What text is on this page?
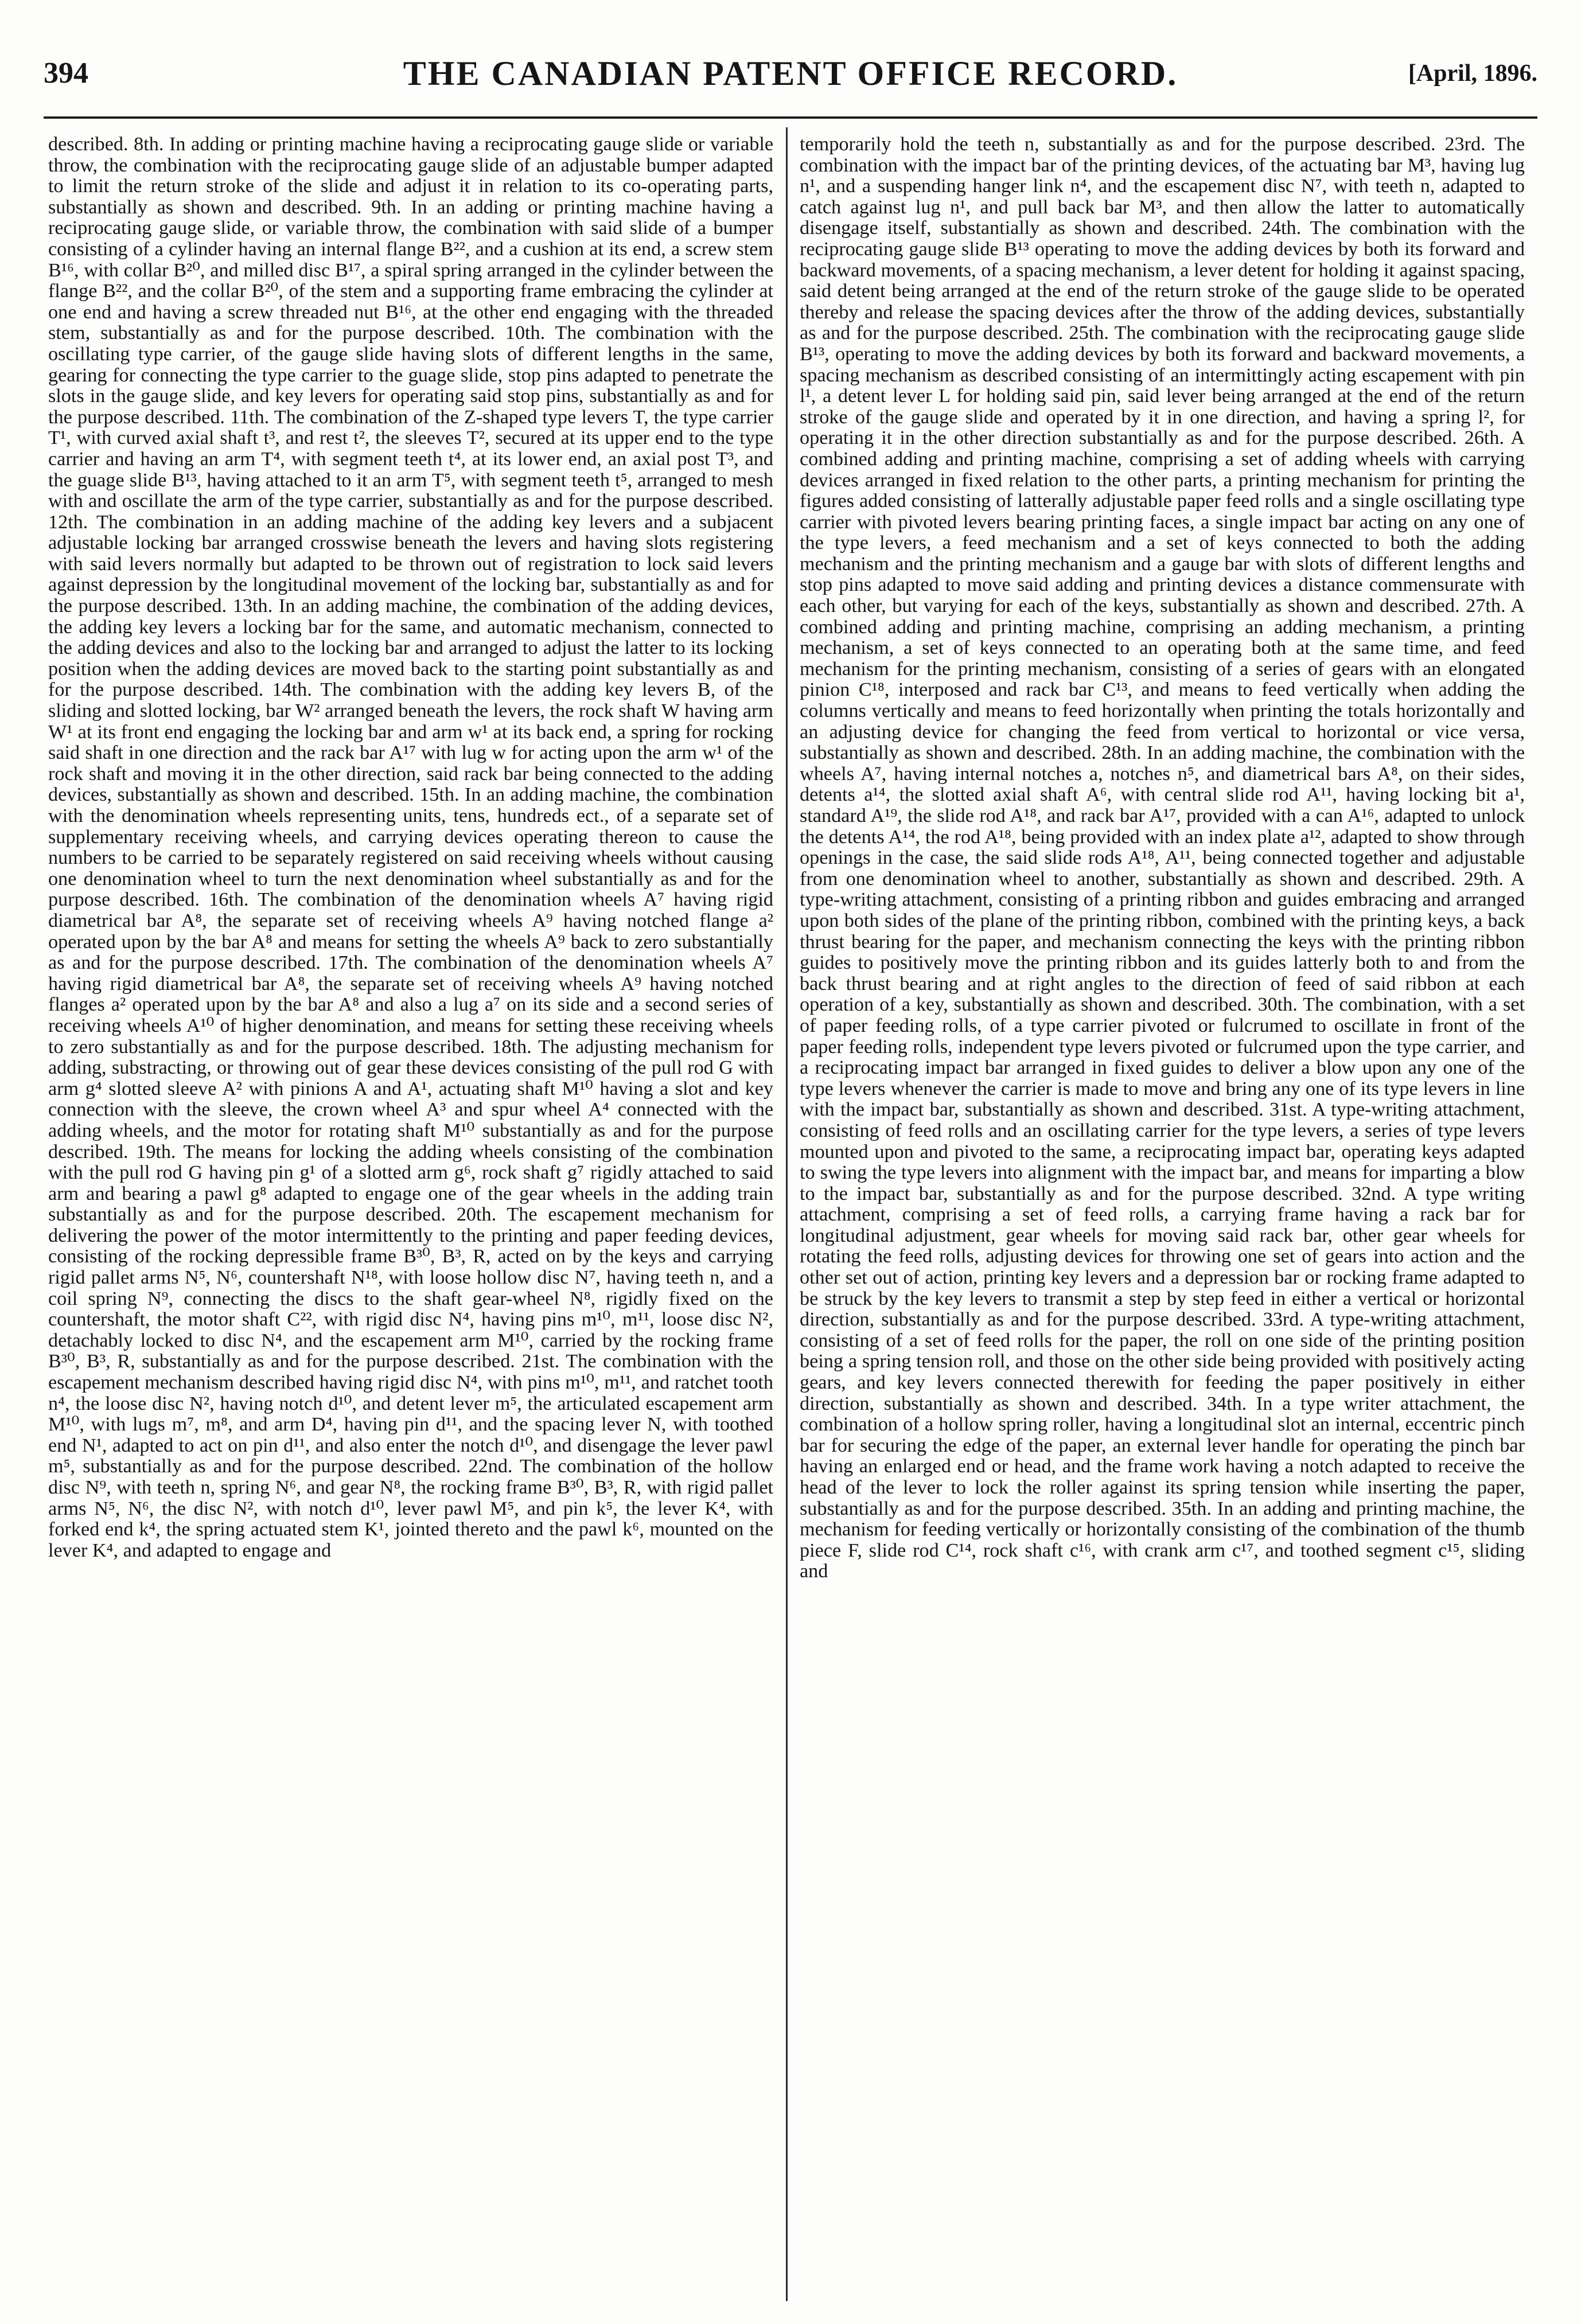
394	THE CANADIAN PATENT OFFICE RECORD.	[April, 1896.

described. 8th. In adding or printing machine having a reciprocating gauge slide or variable throw, the combination with the reciprocating gauge slide of an adjustable bumper adapted to limit the return stroke of the slide and adjust it in relation to its co-operating parts, substantially as shown and described. 9th. In an adding or printing machine having a reciprocating gauge slide, or variable throw, the combination with said slide of a bumper consisting of a cylinder having an internal flange B²², and a cushion at its end, a screw stem B¹⁶, with collar B²⁰, and milled disc B¹⁷, a spiral spring arranged in the cylinder between the flange B²², and the collar B²⁰, of the stem and a supporting frame embracing the cylinder at one end and having a screw threaded nut B¹⁶, at the other end engaging with the threaded stem, substantially as and for the purpose described. 10th. The combination with the oscillating type carrier, of the gauge slide having slots of different lengths in the same, gearing for connecting the type carrier to the guage slide, stop pins adapted to penetrate the slots in the gauge slide, and key levers for operating said stop pins, substantially as and for the purpose described. 11th. The combination of the Z-shaped type levers T, the type carrier T¹, with curved axial shaft t³, and rest t², the sleeves T², secured at its upper end to the type carrier and having an arm T⁴, with segment teeth t⁴, at its lower end, an axial post T³, and the guage slide B¹³, having attached to it an arm T⁵, with segment teeth t⁵, arranged to mesh with and oscillate the arm of the type carrier, substantially as and for the purpose described. 12th. The combination in an adding machine of the adding key levers and a subjacent adjustable locking bar arranged crosswise beneath the levers and having slots registering with said levers normally but adapted to be thrown out of registration to lock said levers against depression by the longitudinal movement of the locking bar, substantially as and for the purpose described. 13th. In an adding machine, the combination of the adding devices, the adding key levers a locking bar for the same, and automatic mechanism, connected to the adding devices and also to the locking bar and arranged to adjust the latter to its locking position when the adding devices are moved back to the starting point substantially as and for the purpose described. 14th. The combination with the adding key levers B, of the sliding and slotted locking, bar W² arranged beneath the levers, the rock shaft W having arm W¹ at its front end engaging the locking bar and arm w¹ at its back end, a spring for rocking said shaft in one direction and the rack bar A¹⁷ with lug w for acting upon the arm w¹ of the rock shaft and moving it in the other direction, said rack bar being connected to the adding devices, substantially as shown and described. 15th. In an adding machine, the combination with the denomination wheels representing units, tens, hundreds ect., of a separate set of supplementary receiving wheels, and carrying devices operating thereon to cause the numbers to be carried to be separately registered on said receiving wheels without causing one denomination wheel to turn the next denomination wheel substantially as and for the purpose described. 16th. The combination of the denomination wheels A⁷ having rigid diametrical bar A⁸, the separate set of receiving wheels A⁹ having notched flange a² operated upon by the bar A⁸ and means for setting the wheels A⁹ back to zero substantially as and for the purpose described. 17th. The combination of the denomination wheels A⁷ having rigid diametrical bar A⁸, the separate set of receiving wheels A⁹ having notched flanges a² operated upon by the bar A⁸ and also a lug a⁷ on its side and a second series of receiving wheels A¹⁰ of higher denomination, and means for setting these receiving wheels to zero substantially as and for the purpose described. 18th. The adjusting mechanism for adding, substracting, or throwing out of gear these devices consisting of the pull rod G with arm g⁴ slotted sleeve A² with pinions A and A¹, actuating shaft M¹⁰ having a slot and key connection with the sleeve, the crown wheel A³ and spur wheel A⁴ connected with the adding wheels, and the motor for rotating shaft M¹⁰ substantially as and for the purpose described. 19th. The means for locking the adding wheels consisting of the combination with the pull rod G having pin g¹ of a slotted arm g⁶, rock shaft g⁷ rigidly attached to said arm and bearing a pawl g⁸ adapted to engage one of the gear wheels in the adding train substantially as and for the purpose described. 20th. The escapement mechanism for delivering the power of the motor intermittently to the printing and paper feeding devices, consisting of the rocking depressible frame B³⁰, B³, R, acted on by the keys and carrying rigid pallet arms N⁵, N⁶, countershaft N¹⁸, with loose hollow disc N⁷, having teeth n, and a coil spring N⁹, connecting the discs to the shaft gear-wheel N⁸, rigidly fixed on the countershaft, the motor shaft C²², with rigid disc N⁴, having pins m¹⁰, m¹¹, loose disc N², detachably locked to disc N⁴, and the escapement arm M¹⁰, carried by the rocking frame B³⁰, B³, R, substantially as and for the purpose described. 21st. The combination with the escapement mechanism described having rigid disc N⁴, with pins m¹⁰, m¹¹, and ratchet tooth n⁴, the loose disc N², having notch d¹⁰, and detent lever m⁵, the articulated escapement arm M¹⁰, with lugs m⁷, m⁸, and arm D⁴, having pin d¹¹, and the spacing lever N, with toothed end N¹, adapted to act on pin d¹¹, and also enter the notch d¹⁰, and disengage the lever pawl m⁵, substantially as and for the purpose described. 22nd. The combination of the hollow disc N⁹, with teeth n, spring N⁶, and gear N⁸, the rocking frame B³⁰, B³, R, with rigid pallet arms N⁵, N⁶, the disc N², with notch d¹⁰, lever pawl M⁵, and pin k⁵, the lever K⁴, with forked end k⁴, the spring actuated stem K¹, jointed thereto and the pawl k⁶, mounted on the lever K⁴, and adapted to engage and

temporarily hold the teeth n, substantially as and for the purpose described. 23rd. The combination with the impact bar of the printing devices, of the actuating bar M³, having lug n¹, and a suspending hanger link n⁴, and the escapement disc N⁷, with teeth n, adapted to catch against lug n¹, and pull back bar M³, and then allow the latter to automatically disengage itself, substantially as shown and described. 24th. The combination with the reciprocating gauge slide B¹³ operating to move the adding devices by both its forward and backward movements, of a spacing mechanism, a lever detent for holding it against spacing, said detent being arranged at the end of the return stroke of the gauge slide to be operated thereby and release the spacing devices after the throw of the adding devices, substantially as and for the purpose described. 25th. The combination with the reciprocating gauge slide B¹³, operating to move the adding devices by both its forward and backward movements, a spacing mechanism as described consisting of an intermittingly acting escapement with pin l¹, a detent lever L for holding said pin, said lever being arranged at the end of the return stroke of the gauge slide and operated by it in one direction, and having a spring l², for operating it in the other direction substantially as and for the purpose described. 26th. A combined adding and printing machine, comprising a set of adding wheels with carrying devices arranged in fixed relation to the other parts, a printing mechanism for printing the figures added consisting of latterally adjustable paper feed rolls and a single oscillating type carrier with pivoted levers bearing printing faces, a single impact bar acting on any one of the type levers, a feed mechanism and a set of keys connected to both the adding mechanism and the printing mechanism and a gauge bar with slots of different lengths and stop pins adapted to move said adding and printing devices a distance commensurate with each other, but varying for each of the keys, substantially as shown and described. 27th. A combined adding and printing machine, comprising an adding mechanism, a printing mechanism, a set of keys connected to an operating both at the same time, and feed mechanism for the printing mechanism, consisting of a series of gears with an elongated pinion C¹⁸, interposed and rack bar C¹³, and means to feed vertically when adding the columns vertically and means to feed horizontally when printing the totals horizontally and an adjusting device for changing the feed from vertical to horizontal or vice versa, substantially as shown and described. 28th. In an adding machine, the combination with the wheels A⁷, having internal notches a, notches n⁵, and diametrical bars A⁸, on their sides, detents a¹⁴, the slotted axial shaft A⁶, with central slide rod A¹¹, having locking bit a¹, standard A¹⁹, the slide rod A¹⁸, and rack bar A¹⁷, provided with a can A¹⁶, adapted to unlock the detents A¹⁴, the rod A¹⁸, being provided with an index plate a¹², adapted to show through openings in the case, the said slide rods A¹⁸, A¹¹, being connected together and adjustable from one denomination wheel to another, substantially as shown and described. 29th. A type-writing attachment, consisting of a printing ribbon and guides embracing and arranged upon both sides of the plane of the printing ribbon, combined with the printing keys, a back thrust bearing for the paper, and mechanism connecting the keys with the printing ribbon guides to positively move the printing ribbon and its guides latterly both to and from the back thrust bearing and at right angles to the direction of feed of said ribbon at each operation of a key, substantially as shown and described. 30th. The combination, with a set of paper feeding rolls, of a type carrier pivoted or fulcrumed to oscillate in front of the paper feeding rolls, independent type levers pivoted or fulcrumed upon the type carrier, and a reciprocating impact bar arranged in fixed guides to deliver a blow upon any one of the type levers whenever the carrier is made to move and bring any one of its type levers in line with the impact bar, substantially as shown and described. 31st. A type-writing attachment, consisting of feed rolls and an oscillating carrier for the type levers, a series of type levers mounted upon and pivoted to the same, a reciprocating impact bar, operating keys adapted to swing the type levers into alignment with the impact bar, and means for imparting a blow to the impact bar, substantially as and for the purpose described. 32nd. A type writing attachment, comprising a set of feed rolls, a carrying frame having a rack bar for longitudinal adjustment, gear wheels for moving said rack bar, other gear wheels for rotating the feed rolls, adjusting devices for throwing one set of gears into action and the other set out of action, printing key levers and a depression bar or rocking frame adapted to be struck by the key levers to transmit a step by step feed in either a vertical or horizontal direction, substantially as and for the purpose described. 33rd. A type-writing attachment, consisting of a set of feed rolls for the paper, the roll on one side of the printing position being a spring tension roll, and those on the other side being provided with positively acting gears, and key levers connected therewith for feeding the paper positively in either direction, substantially as shown and described. 34th. In a type writer attachment, the combination of a hollow spring roller, having a longitudinal slot an internal, eccentric pinch bar for securing the edge of the paper, an external lever handle for operating the pinch bar having an enlarged end or head, and the frame work having a notch adapted to receive the head of the lever to lock the roller against its spring tension while inserting the paper, substantially as and for the purpose described. 35th. In an adding and printing machine, the mechanism for feeding vertically or horizontally consisting of the combination of the thumb piece F, slide rod C¹⁴, rock shaft c¹⁶, with crank arm c¹⁷, and toothed segment c¹⁵, sliding and
